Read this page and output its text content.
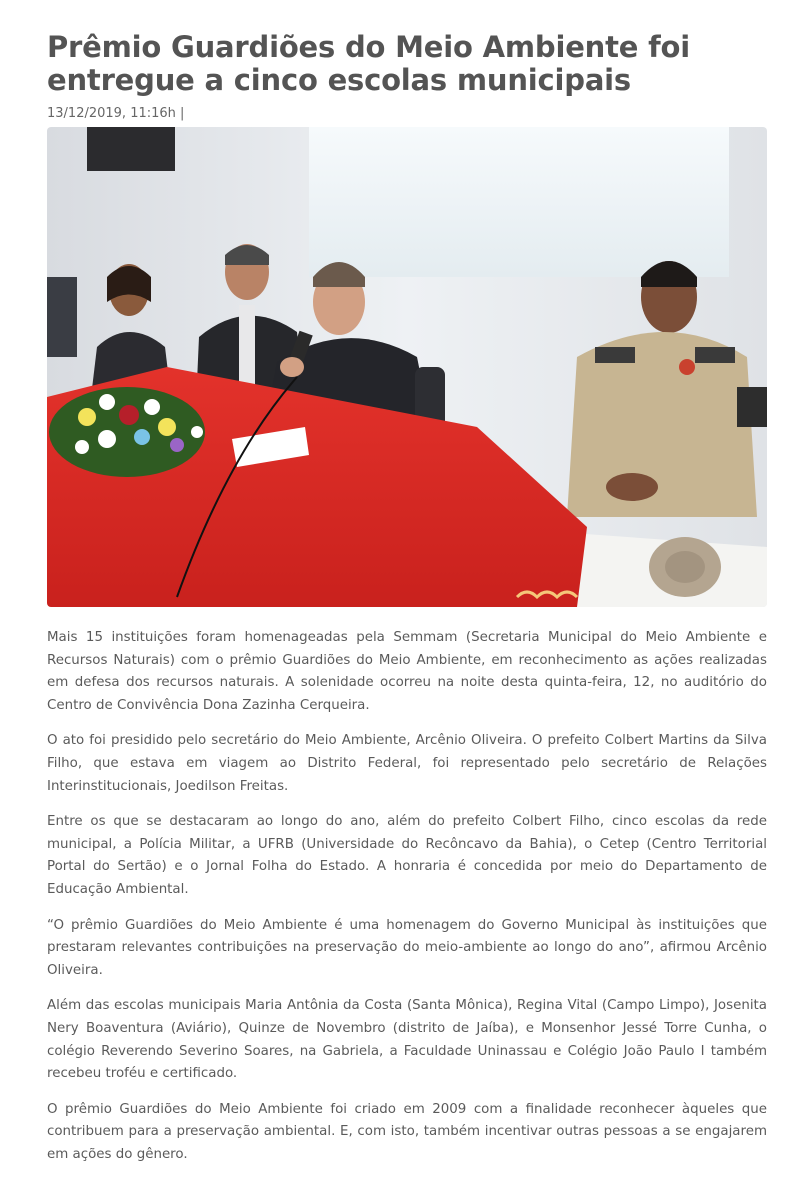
Prêmio Guardiões do Meio Ambiente foi entregue a cinco escolas municipais
13/12/2019, 11:16h |

Mais 15 instituições foram homenageadas pela Semmam (Secretaria Municipal do Meio Ambiente e Recursos Naturais) com o prêmio Guardiões do Meio Ambiente, em reconhecimento as ações realizadas em defesa dos recursos naturais. A solenidade ocorreu na noite desta quinta-feira, 12, no auditório do Centro de Convivência Dona Zazinha Cerqueira.

O ato foi presidido pelo secretário do Meio Ambiente, Arcênio Oliveira. O prefeito Colbert Martins da Silva Filho, que estava em viagem ao Distrito Federal, foi representado pelo secretário de Relações Interinstitucionais, Joedilson Freitas.

Entre os que se destacaram ao longo do ano, além do prefeito Colbert Filho, cinco escolas da rede municipal, a Polícia Militar, a UFRB (Universidade do Recôncavo da Bahia), o Cetep (Centro Territorial Portal do Sertão) e o Jornal Folha do Estado. A honraria é concedida por meio do Departamento de Educação Ambiental.

“O prêmio Guardiões do Meio Ambiente é uma homenagem do Governo Municipal às instituições que prestaram relevantes contribuições na preservação do meio-ambiente ao longo do ano”, afirmou Arcênio Oliveira.

Além das escolas municipais Maria Antônia da Costa (Santa Mônica), Regina Vital (Campo Limpo), Josenita Nery Boaventura (Aviário), Quinze de Novembro (distrito de Jaíba), e Monsenhor Jessé Torre Cunha, o colégio Reverendo Severino Soares, na Gabriela, a Faculdade Uninassau e Colégio João Paulo I também recebeu troféu e certificado.

O prêmio Guardiões do Meio Ambiente foi criado em 2009 com a finalidade reconhecer àqueles que contribuem para a preservação ambiental. E, com isto, também incentivar outras pessoas a se engajarem em ações do gênero.
